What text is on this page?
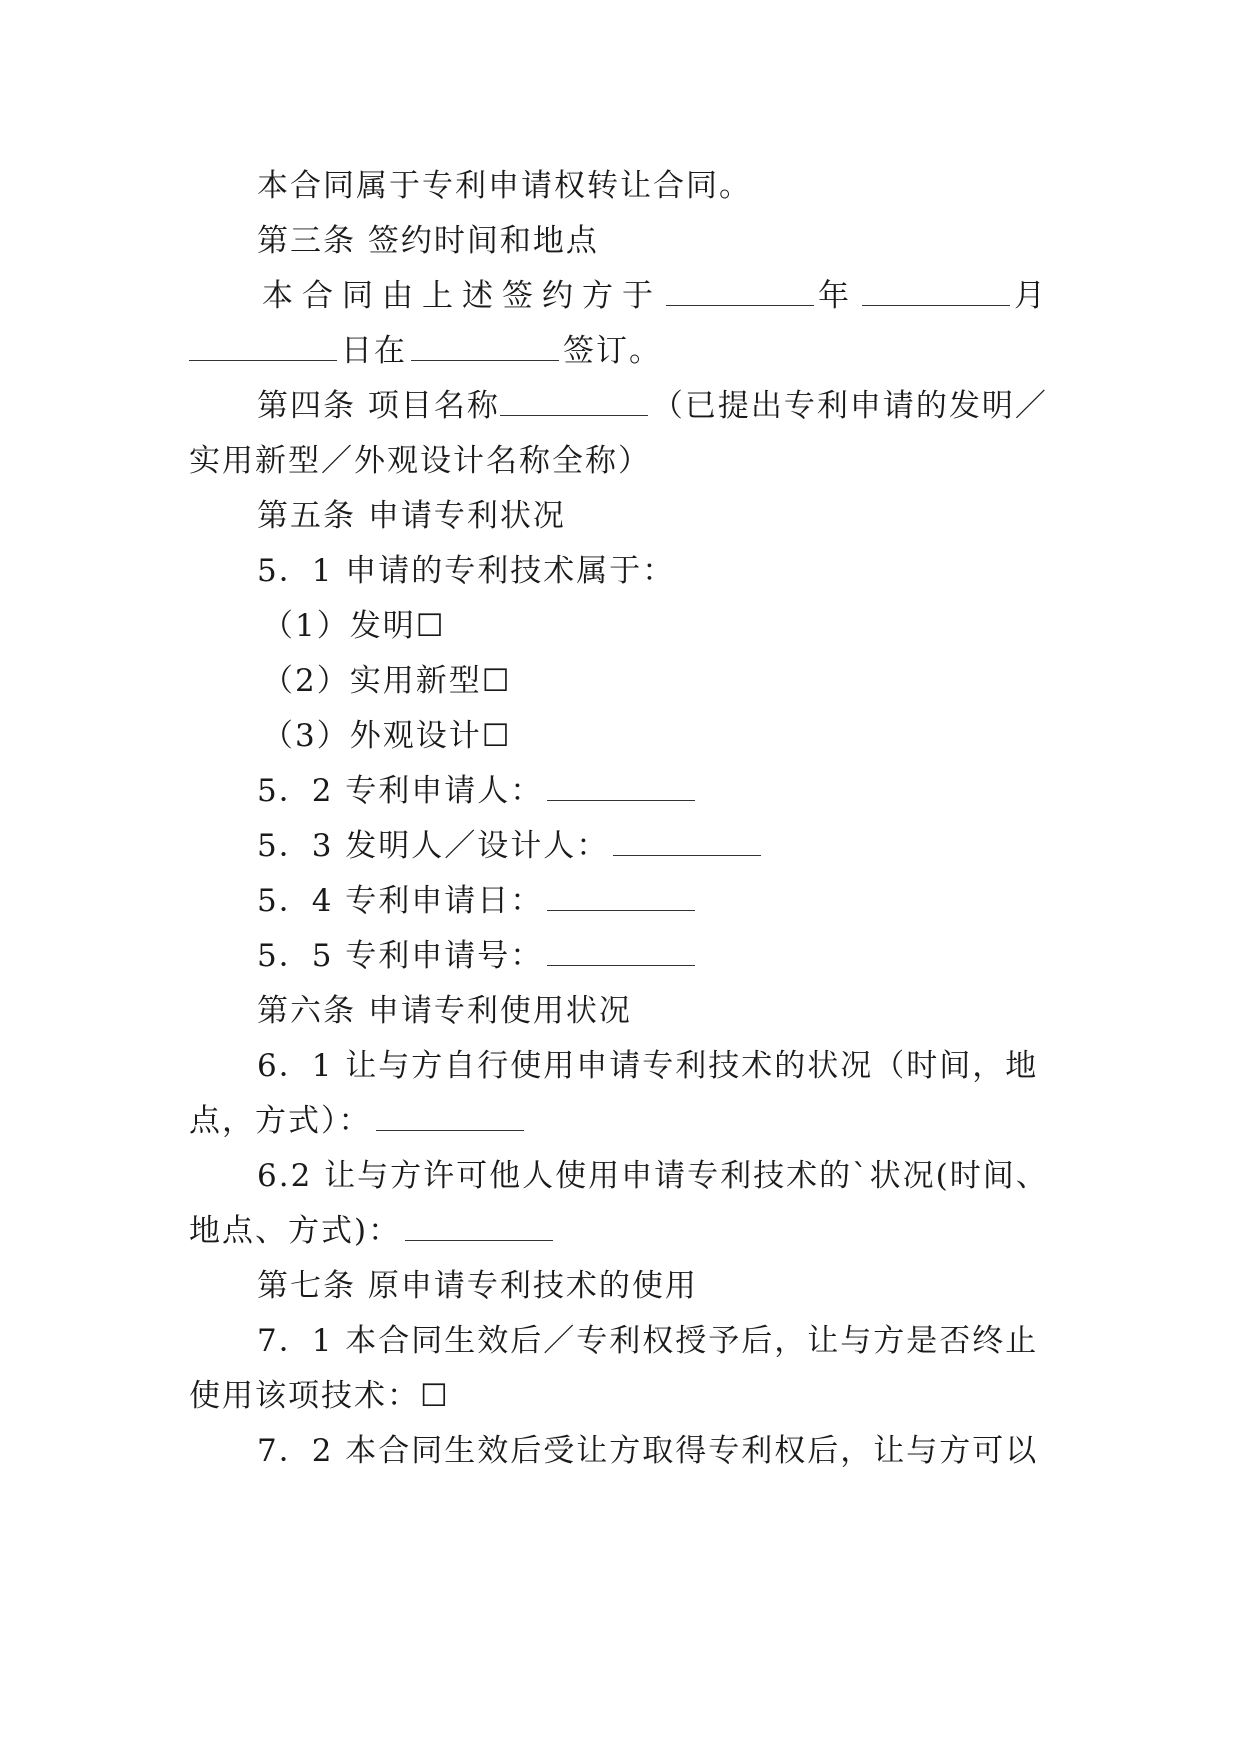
本合同属于专利申请权转让合同。
第三条 签约时间和地点
本合同由上述签约方于	年	月
日在	签订。
第四条 项目名称	（已提出专利申请的发明／
实用新型／外观设计名称全称）
第五条 申请专利状况
5．1 申请的专利技术属于：
（1）发明☐
（2）实用新型☐
（3）外观设计☐
5．2 专利申请人：
5．3 发明人／设计人：
5．4 专利申请日：
5．5 专利申请号：
第六条 申请专利使用状况
6．1 让与方自行使用申请专利技术的状况（时间，地
点，方式）：
6.2 让与方许可他人使用申请专利技术的`状况(时间、
地点、方式)：
第七条 原申请专利技术的使用
7．1 本合同生效后／专利权授予后，让与方是否终止
使用该项技术：☐
7．2 本合同生效后受让方取得专利权后，让与方可以
